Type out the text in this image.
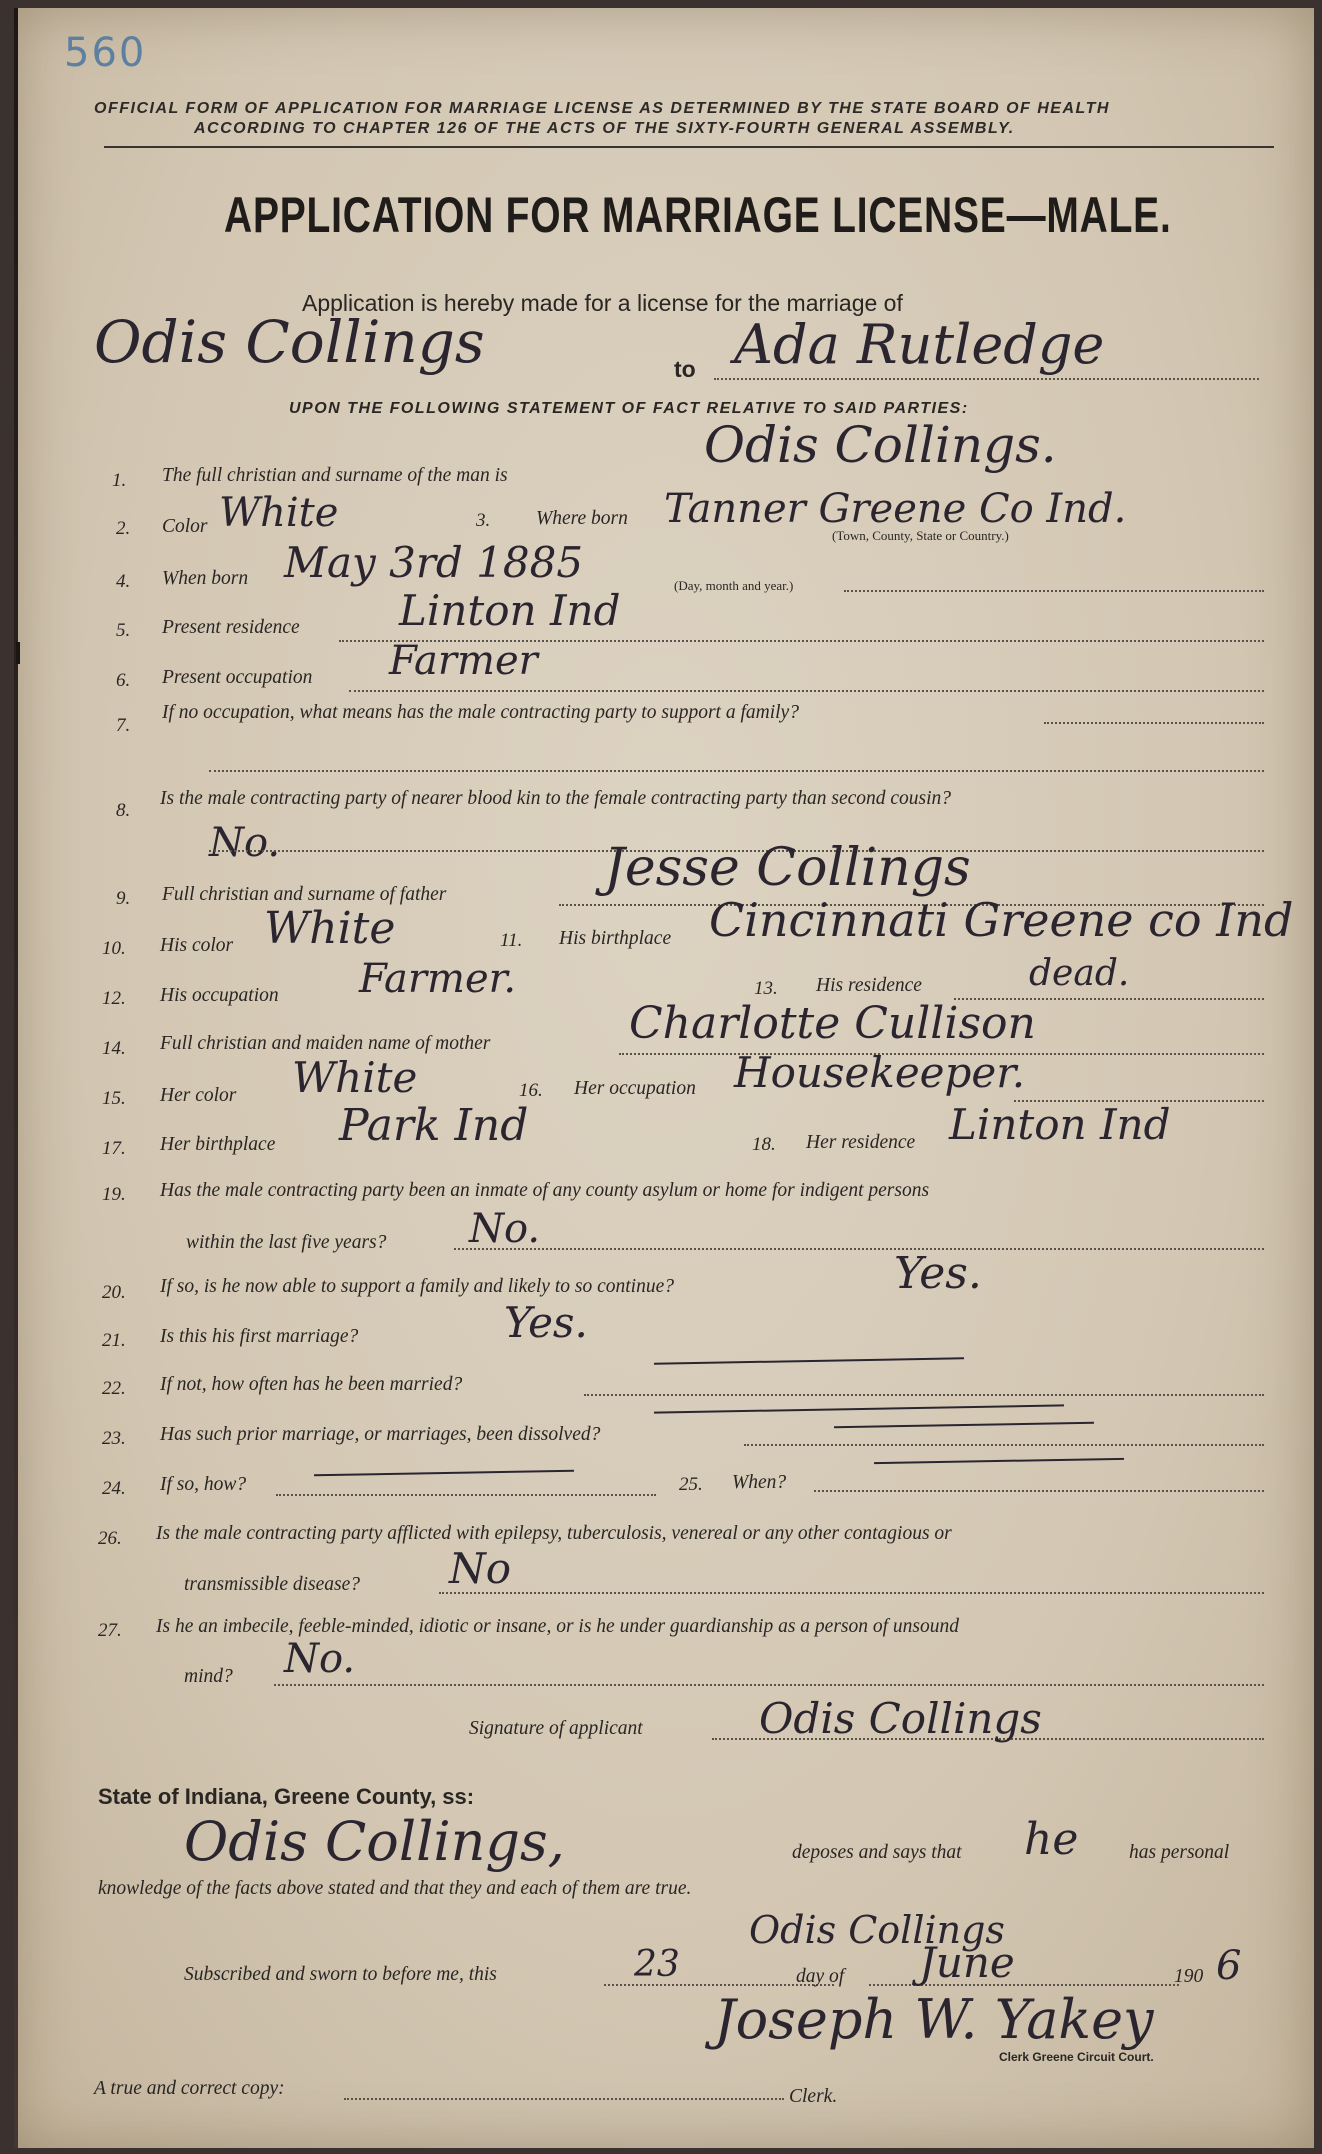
560
OFFICIAL FORM OF APPLICATION FOR MARRIAGE LICENSE AS DETERMINED BY THE STATE BOARD OF HEALTH
ACCORDING TO CHAPTER 126 OF THE ACTS OF THE SIXTY-FOURTH GENERAL ASSEMBLY.
APPLICATION FOR MARRIAGE LICENSE—MALE.
Application is hereby made for a license for the marriage of
Odis Collings	to Ada Rutledge
UPON THE FOLLOWING STATEMENT OF FACT RELATIVE TO SAID PARTIES:
1. The full christian and surname of the man is
Odis Collings.
2. Color White	3. Where born Tanner Greene Co Ind.
(Town, County, State or Country.)
4. When born May 3rd 1885	(Day, month and year.)
5. Present residence Linton Ind
6. Present occupation Farmer
7.
If no occupation, what means has the male contracting party to support a family?
8.
Is the male contracting party of nearer blood kin to the female contracting party than second cousin?
No.
9. Full christian and surname of father	Jesse Collings
10. His color White	11. His birthplace Cincinnati Greene co Ind
12. His occupation Farmer.	13. His residence	dead.
14. Full christian and maiden name of mother	Charlotte Cullison
15. Her color White	16. Her occupation Housekeeper.
17. Her birthplace Park Ind	18. Her residence Linton Ind
19. Has the male contracting party been an inmate of any county asylum or home for indigent persons
within the last five years? No.
20. If so, is he now able to support a family and likely to so continue?	Yes.
21. Is this his first marriage?	Yes.
22. If not, how often has he been married?
23. Has such prior marriage, or marriages, been dissolved?
24. If so, how?	25. When?
26. Is the male contracting party afflicted with epilepsy, tuberculosis, venereal or any other contagious or
transmissible disease? No
27. Is he an imbecile, feeble-minded, idiotic or insane, or is he under guardianship as a person of unsound
mind? No.
Signature of applicant	Odis Collings
State of Indiana, Greene County, ss:
Odis Collings,	deposes and says that he	has personal
knowledge of the facts above stated and that they and each of them are true.
Odis Collings
Subscribed and sworn to before me, this	23	day of June	190 6
Joseph W. Yakey
Clerk Greene Circuit Court.
A true and correct copy:	Clerk.
